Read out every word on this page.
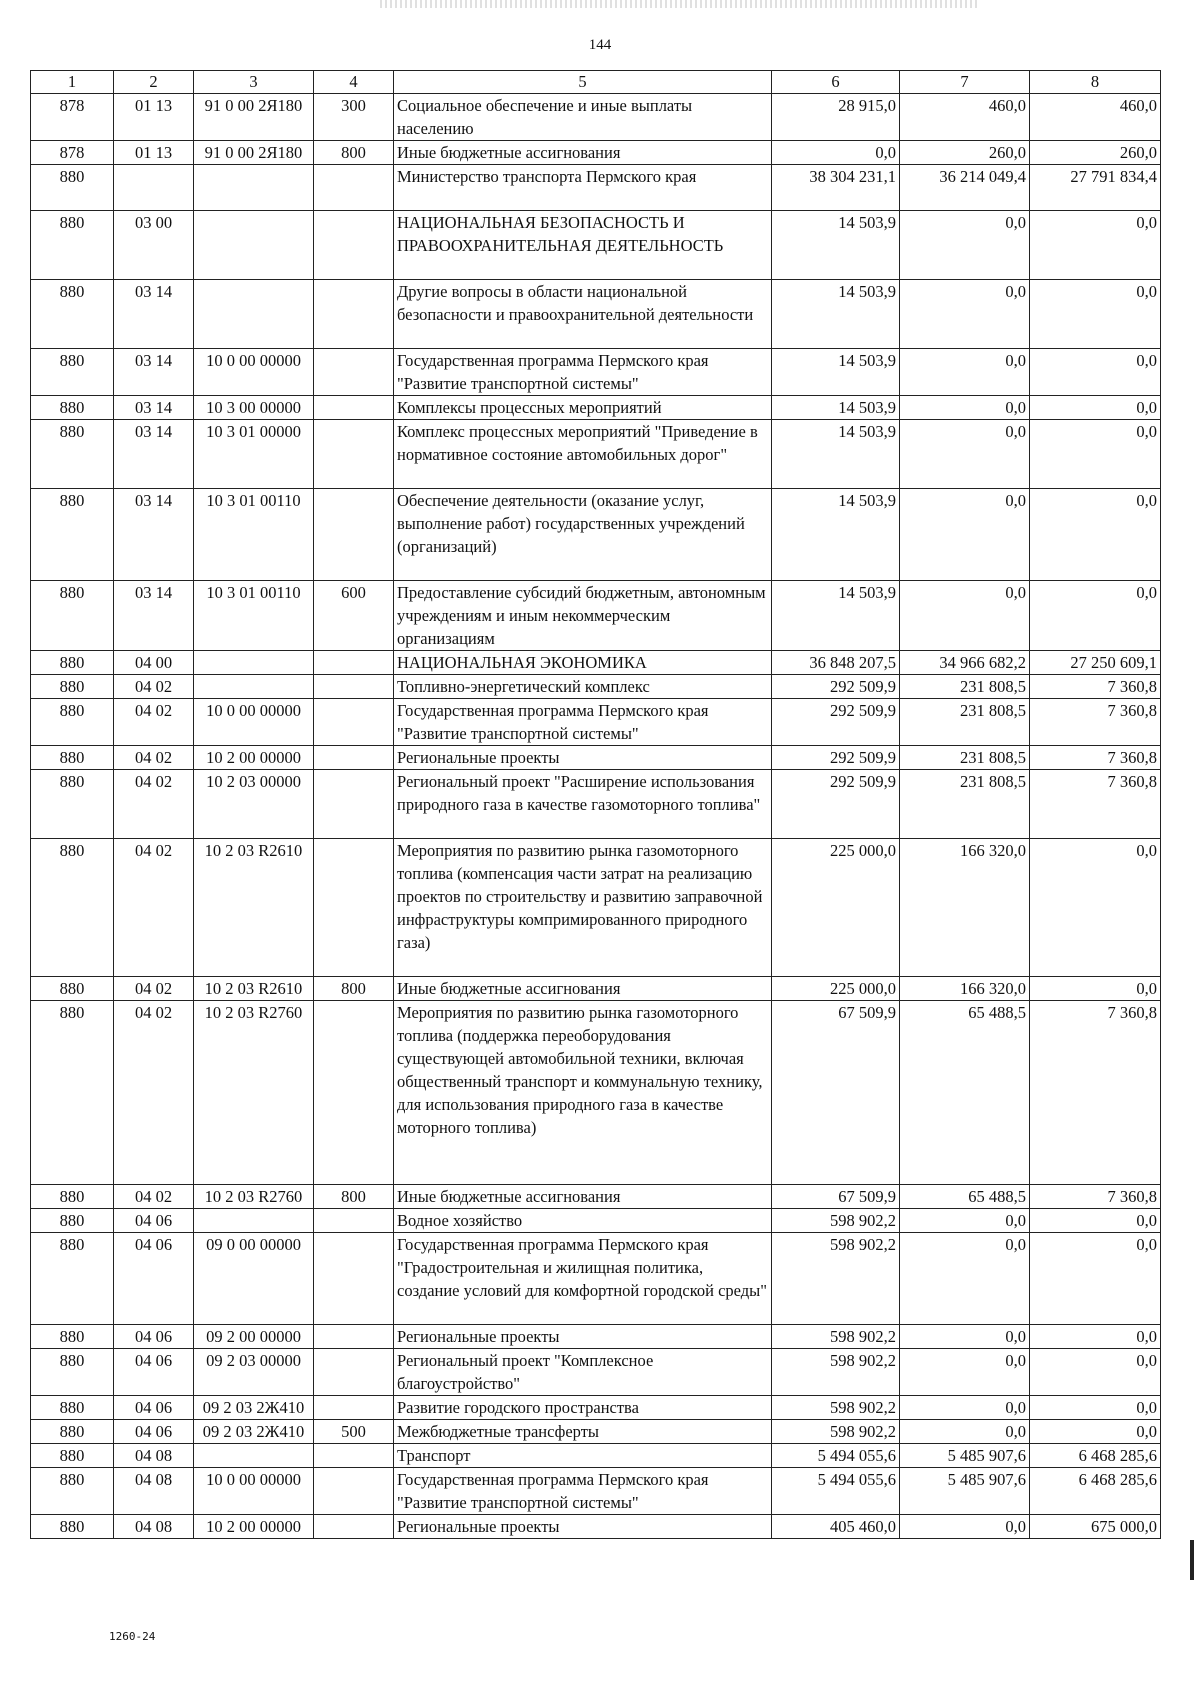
144
1	2	3	4	5	6	7	8
878	01 13	91 0 00 2Я180	300	Социальное обеспечение и иные выплаты населению	28 915,0	460,0	460,0
878	01 13	91 0 00 2Я180	800	Иные бюджетные ассигнования	0,0	260,0	260,0
880				Министерство транспорта Пермского края	38 304 231,1	36 214 049,4	27 791 834,4
880	03 00			НАЦИОНАЛЬНАЯ БЕЗОПАСНОСТЬ И ПРАВООХРАНИТЕЛЬНАЯ ДЕЯТЕЛЬНОСТЬ	14 503,9	0,0	0,0
880	03 14			Другие вопросы в области национальной безопасности и правоохранительной деятельности	14 503,9	0,0	0,0
880	03 14	10 0 00 00000		Государственная программа Пермского края "Развитие транспортной системы"	14 503,9	0,0	0,0
880	03 14	10 3 00 00000		Комплексы процессных мероприятий	14 503,9	0,0	0,0
880	03 14	10 3 01 00000		Комплекс процессных мероприятий "Приведение в нормативное состояние автомобильных дорог"	14 503,9	0,0	0,0
880	03 14	10 3 01 00110		Обеспечение деятельности (оказание услуг, выполнение работ) государственных учреждений (организаций)	14 503,9	0,0	0,0
880	03 14	10 3 01 00110	600	Предоставление субсидий бюджетным, автономным учреждениям и иным некоммерческим организациям	14 503,9	0,0	0,0
880	04 00			НАЦИОНАЛЬНАЯ ЭКОНОМИКА	36 848 207,5	34 966 682,2	27 250 609,1
880	04 02			Топливно-энергетический комплекс	292 509,9	231 808,5	7 360,8
880	04 02	10 0 00 00000		Государственная программа Пермского края "Развитие транспортной системы"	292 509,9	231 808,5	7 360,8
880	04 02	10 2 00 00000		Региональные проекты	292 509,9	231 808,5	7 360,8
880	04 02	10 2 03 00000		Региональный проект "Расширение использования природного газа в качестве газомоторного топлива"	292 509,9	231 808,5	7 360,8
880	04 02	10 2 03 R2610		Мероприятия по развитию рынка газомоторного топлива (компенсация части затрат на реализацию проектов по строительству и развитию заправочной инфраструктуры компримированного природного газа)	225 000,0	166 320,0	0,0
880	04 02	10 2 03 R2610	800	Иные бюджетные ассигнования	225 000,0	166 320,0	0,0
880	04 02	10 2 03 R2760		Мероприятия по развитию рынка газомоторного топлива (поддержка переоборудования существующей автомобильной техники, включая общественный транспорт и коммунальную технику, для использования природного газа в качестве моторного топлива)	67 509,9	65 488,5	7 360,8
880	04 02	10 2 03 R2760	800	Иные бюджетные ассигнования	67 509,9	65 488,5	7 360,8
880	04 06			Водное хозяйство	598 902,2	0,0	0,0
880	04 06	09 0 00 00000		Государственная программа Пермского края "Градостроительная и жилищная политика, создание условий для комфортной городской среды"	598 902,2	0,0	0,0
880	04 06	09 2 00 00000		Региональные проекты	598 902,2	0,0	0,0
880	04 06	09 2 03 00000		Региональный проект "Комплексное благоустройство"	598 902,2	0,0	0,0
880	04 06	09 2 03 2Ж410		Развитие городского пространства	598 902,2	0,0	0,0
880	04 06	09 2 03 2Ж410	500	Межбюджетные трансферты	598 902,2	0,0	0,0
880	04 08			Транспорт	5 494 055,6	5 485 907,6	6 468 285,6
880	04 08	10 0 00 00000		Государственная программа Пермского края "Развитие транспортной системы"	5 494 055,6	5 485 907,6	6 468 285,6
880	04 08	10 2 00 00000		Региональные проекты	405 460,0	0,0	675 000,0
1260-24
